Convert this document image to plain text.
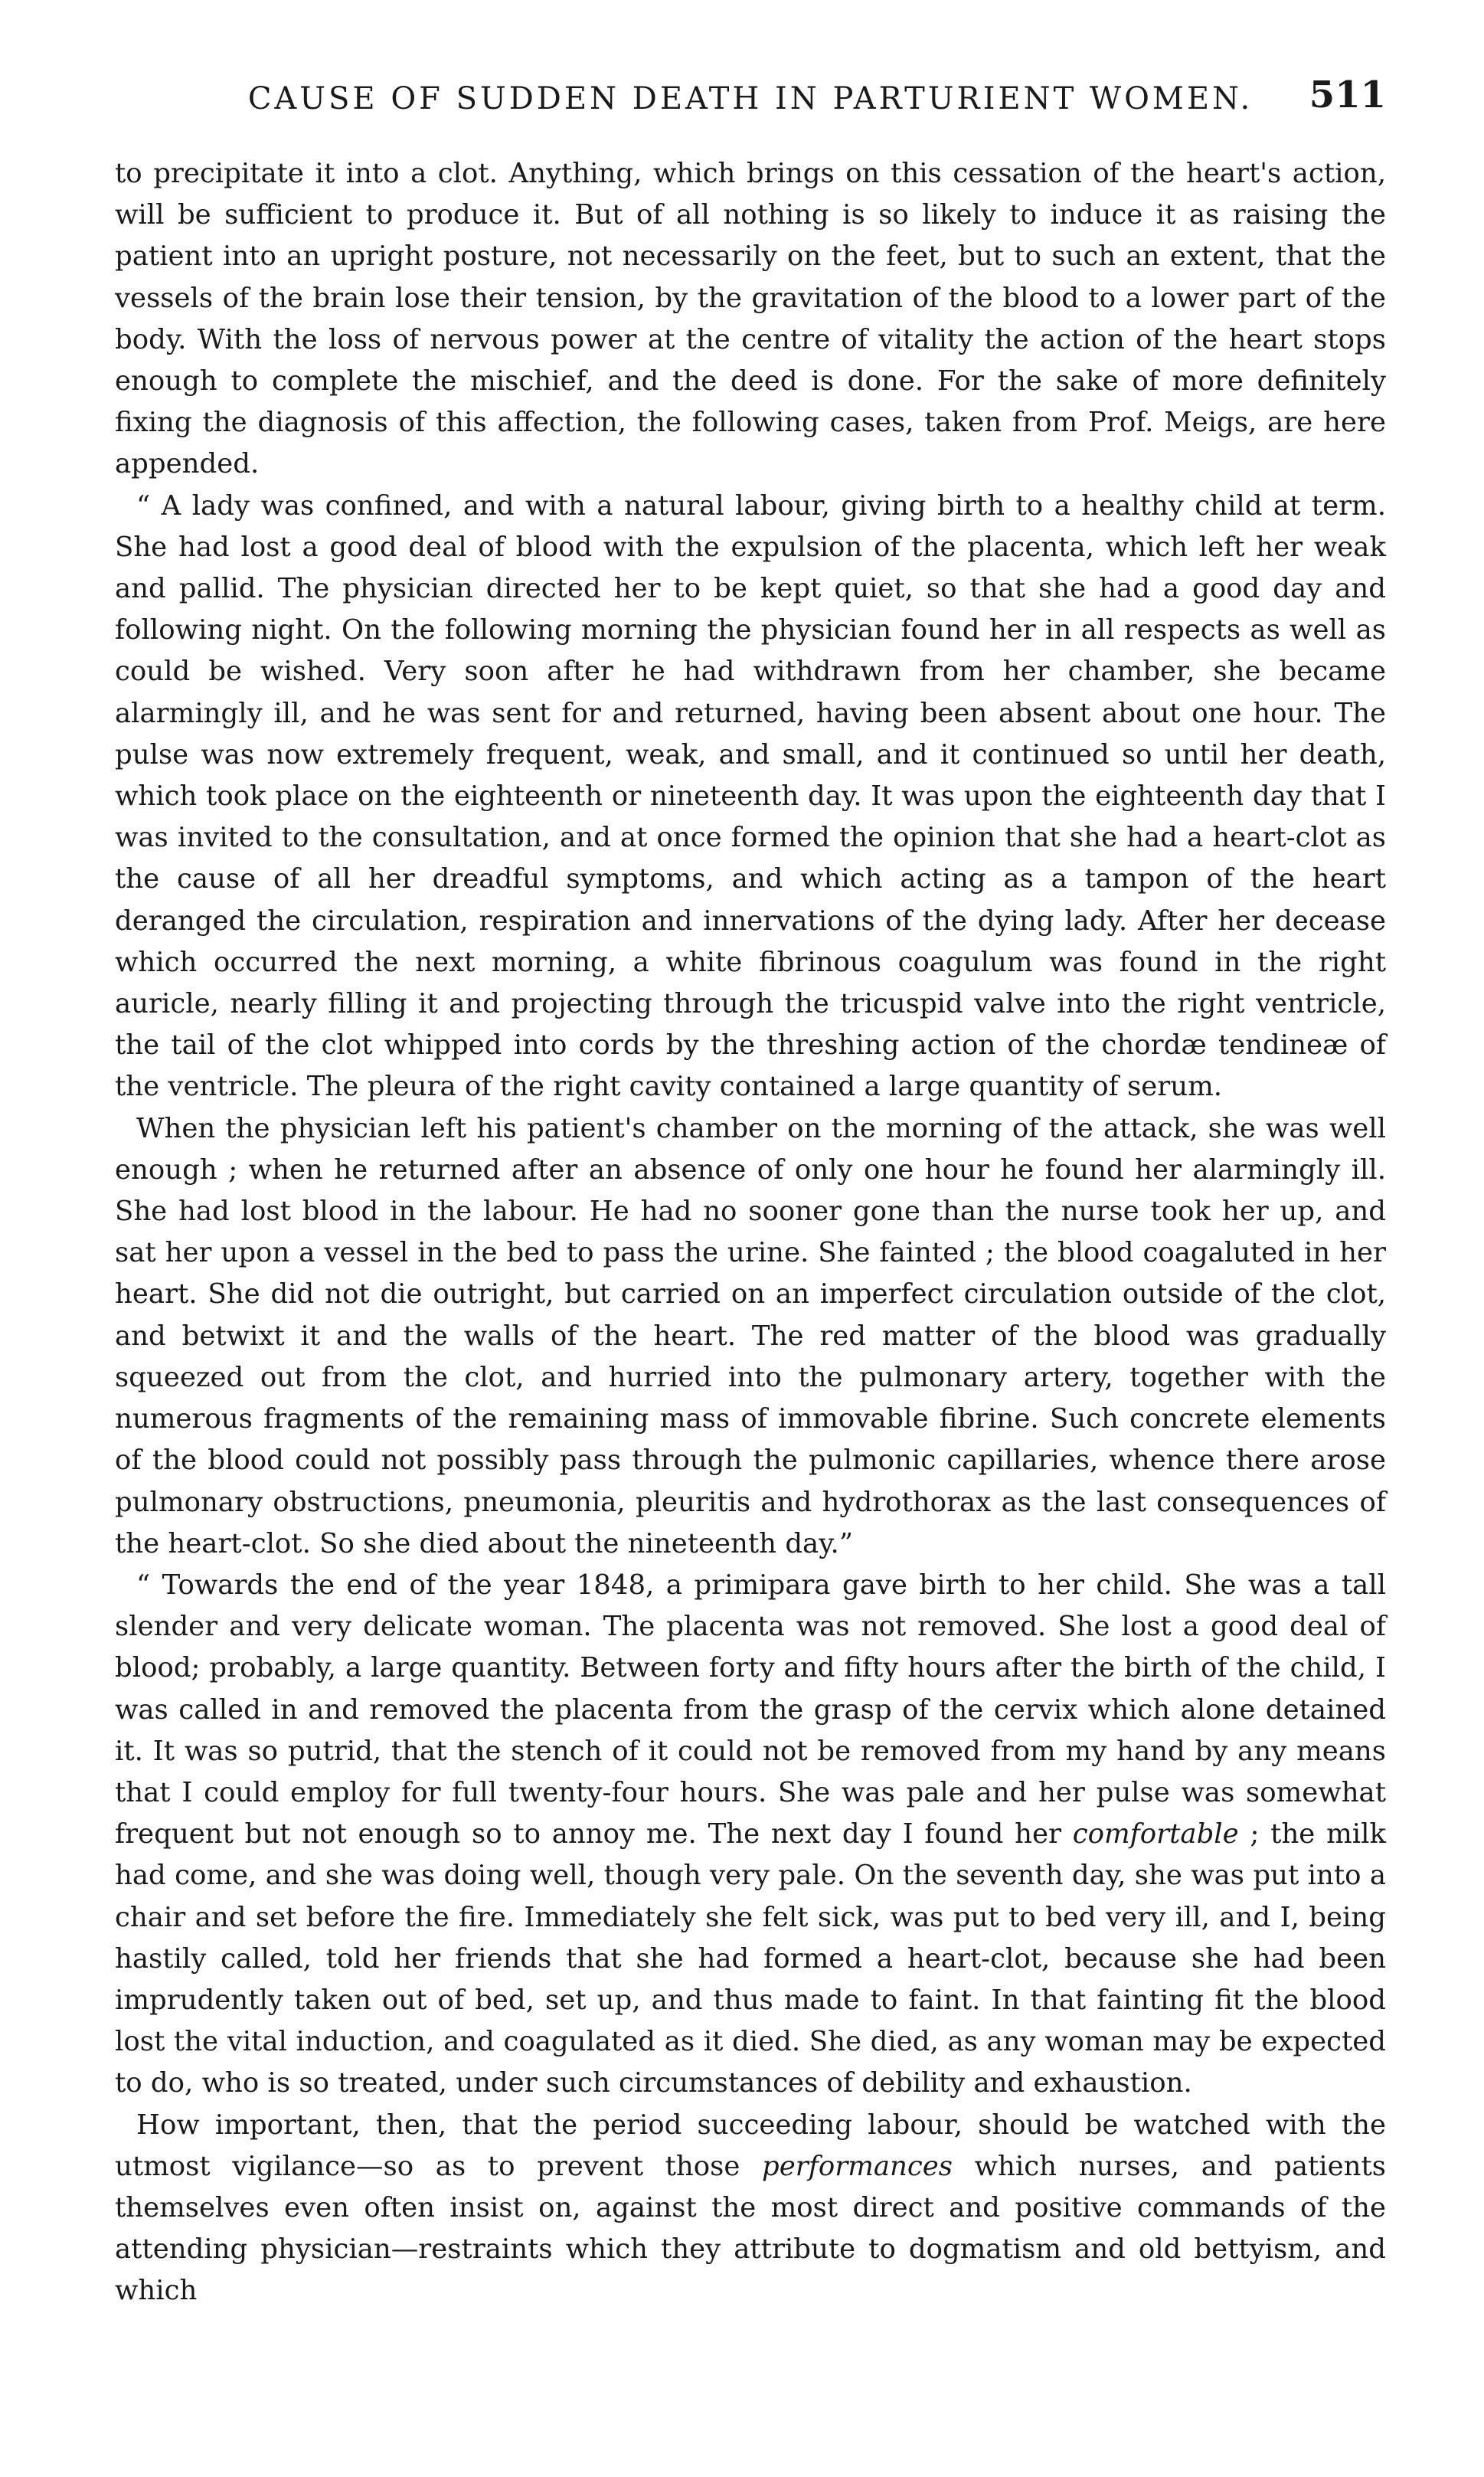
CAUSE OF SUDDEN DEATH IN PARTURIENT WOMEN.	511

to precipitate it into a clot. Anything, which brings on this cessation of the heart's action, will be sufficient to produce it. But of all nothing is so likely to induce it as raising the patient into an upright posture, not necessarily on the feet, but to such an extent, that the vessels of the brain lose their tension, by the gravitation of the blood to a lower part of the body. With the loss of nervous power at the centre of vitality the action of the heart stops enough to complete the mischief, and the deed is done. For the sake of more definitely fixing the diagnosis of this affection, the following cases, taken from Prof. Meigs, are here appended.

“ A lady was confined, and with a natural labour, giving birth to a healthy child at term. She had lost a good deal of blood with the expulsion of the placenta, which left her weak and pallid. The physician directed her to be kept quiet, so that she had a good day and following night. On the following morning the physician found her in all respects as well as could be wished. Very soon after he had withdrawn from her chamber, she became alarmingly ill, and he was sent for and returned, having been absent about one hour. The pulse was now extremely frequent, weak, and small, and it continued so until her death, which took place on the eighteenth or nineteenth day. It was upon the eighteenth day that I was invited to the consultation, and at once formed the opinion that she had a heart-clot as the cause of all her dreadful symptoms, and which acting as a tampon of the heart deranged the circulation, respiration and innervations of the dying lady. After her decease which occurred the next morning, a white fibrinous coagulum was found in the right auricle, nearly filling it and projecting through the tricuspid valve into the right ventricle, the tail of the clot whipped into cords by the threshing action of the chordæ tendineæ of the ventricle. The pleura of the right cavity contained a large quantity of serum.

When the physician left his patient's chamber on the morning of the attack, she was well enough ; when he returned after an absence of only one hour he found her alarmingly ill. She had lost blood in the labour. He had no sooner gone than the nurse took her up, and sat her upon a vessel in the bed to pass the urine. She fainted ; the blood coagaluted in her heart. She did not die outright, but carried on an imperfect circulation outside of the clot, and betwixt it and the walls of the heart. The red matter of the blood was gradually squeezed out from the clot, and hurried into the pulmonary artery, together with the numerous fragments of the remaining mass of immovable fibrine. Such concrete elements of the blood could not possibly pass through the pulmonic capillaries, whence there arose pulmonary obstructions, pneumonia, pleuritis and hydrothorax as the last consequences of the heart-clot. So she died about the nineteenth day.”

“ Towards the end of the year 1848, a primipara gave birth to her child. She was a tall slender and very delicate woman. The placenta was not removed. She lost a good deal of blood; probably, a large quantity. Between forty and fifty hours after the birth of the child, I was called in and removed the placenta from the grasp of the cervix which alone detained it. It was so putrid, that the stench of it could not be removed from my hand by any means that I could employ for full twenty-four hours. She was pale and her pulse was somewhat frequent but not enough so to annoy me. The next day I found her comfortable ; the milk had come, and she was doing well, though very pale. On the seventh day, she was put into a chair and set before the fire. Immediately she felt sick, was put to bed very ill, and I, being hastily called, told her friends that she had formed a heart-clot, because she had been imprudently taken out of bed, set up, and thus made to faint. In that fainting fit the blood lost the vital induction, and coagulated as it died. She died, as any woman may be expected to do, who is so treated, under such circumstances of debility and exhaustion.

How important, then, that the period succeeding labour, should be watched with the utmost vigilance—so as to prevent those performances which nurses, and patients themselves even often insist on, against the most direct and positive commands of the attending physician—restraints which they attribute to dogmatism and old bettyism, and which
